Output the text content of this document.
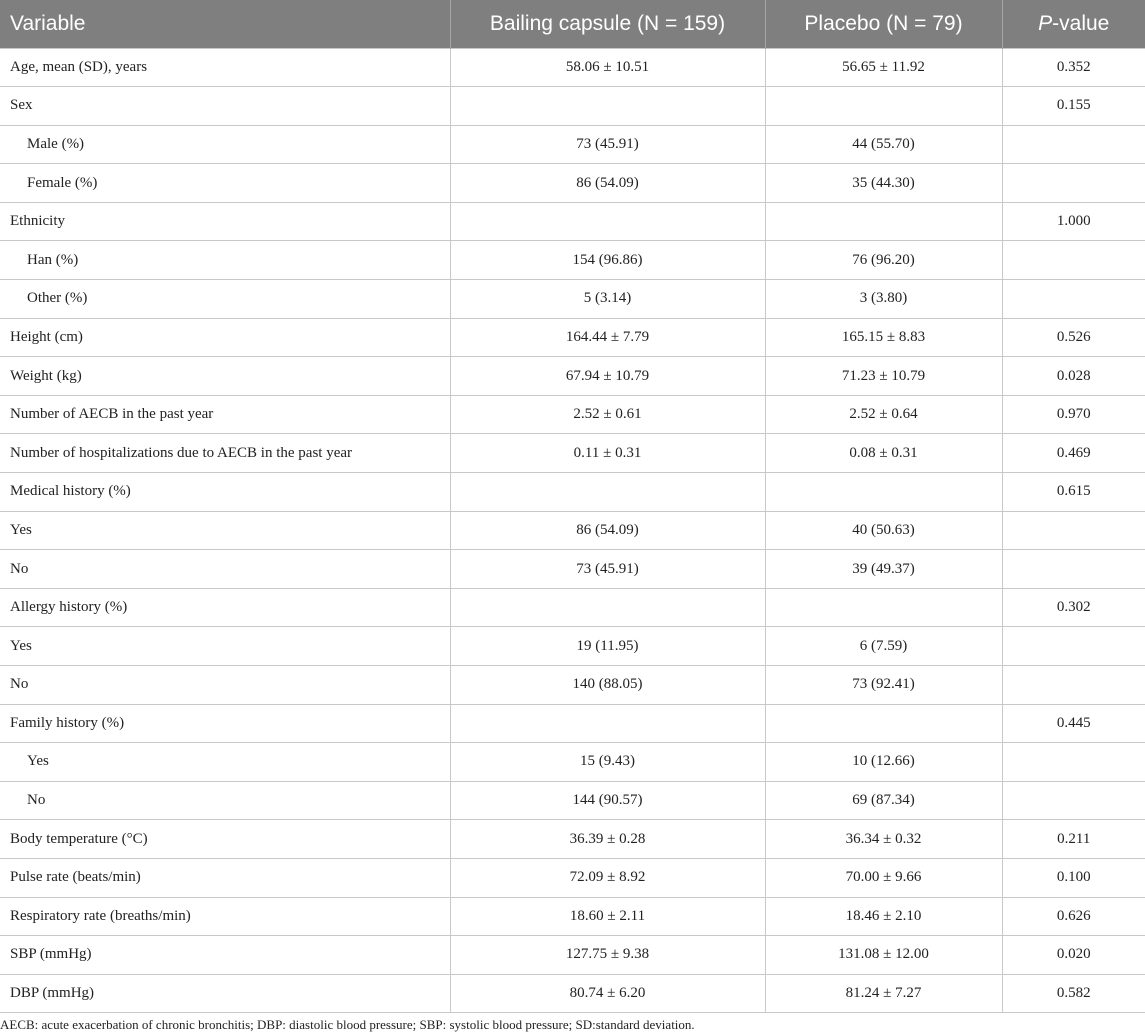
Variable	Bailing capsule (N = 159)	Placebo (N = 79)	P-value
Age, mean (SD), years	58.06 ± 10.51	56.65 ± 11.92	0.352
Sex			0.155
Male (%)	73 (45.91)	44 (55.70)	
Female (%)	86 (54.09)	35 (44.30)	
Ethnicity			1.000
Han (%)	154 (96.86)	76 (96.20)	
Other (%)	5 (3.14)	3 (3.80)	
Height (cm)	164.44 ± 7.79	165.15 ± 8.83	0.526
Weight (kg)	67.94 ± 10.79	71.23 ± 10.79	0.028
Number of AECB in the past year	2.52 ± 0.61	2.52 ± 0.64	0.970
Number of hospitalizations due to AECB in the past year	0.11 ± 0.31	0.08 ± 0.31	0.469
Medical history (%)			0.615
Yes	86 (54.09)	40 (50.63)	
No	73 (45.91)	39 (49.37)	
Allergy history (%)			0.302
Yes	19 (11.95)	6 (7.59)	
No	140 (88.05)	73 (92.41)	
Family history (%)			0.445
Yes	15 (9.43)	10 (12.66)	
No	144 (90.57)	69 (87.34)	
Body temperature (°C)	36.39 ± 0.28	36.34 ± 0.32	0.211
Pulse rate (beats/min)	72.09 ± 8.92	70.00 ± 9.66	0.100
Respiratory rate (breaths/min)	18.60 ± 2.11	18.46 ± 2.10	0.626
SBP (mmHg)	127.75 ± 9.38	131.08 ± 12.00	0.020
DBP (mmHg)	80.74 ± 6.20	81.24 ± 7.27	0.582
AECB: acute exacerbation of chronic bronchitis; DBP: diastolic blood pressure; SBP: systolic blood pressure; SD:standard deviation.
